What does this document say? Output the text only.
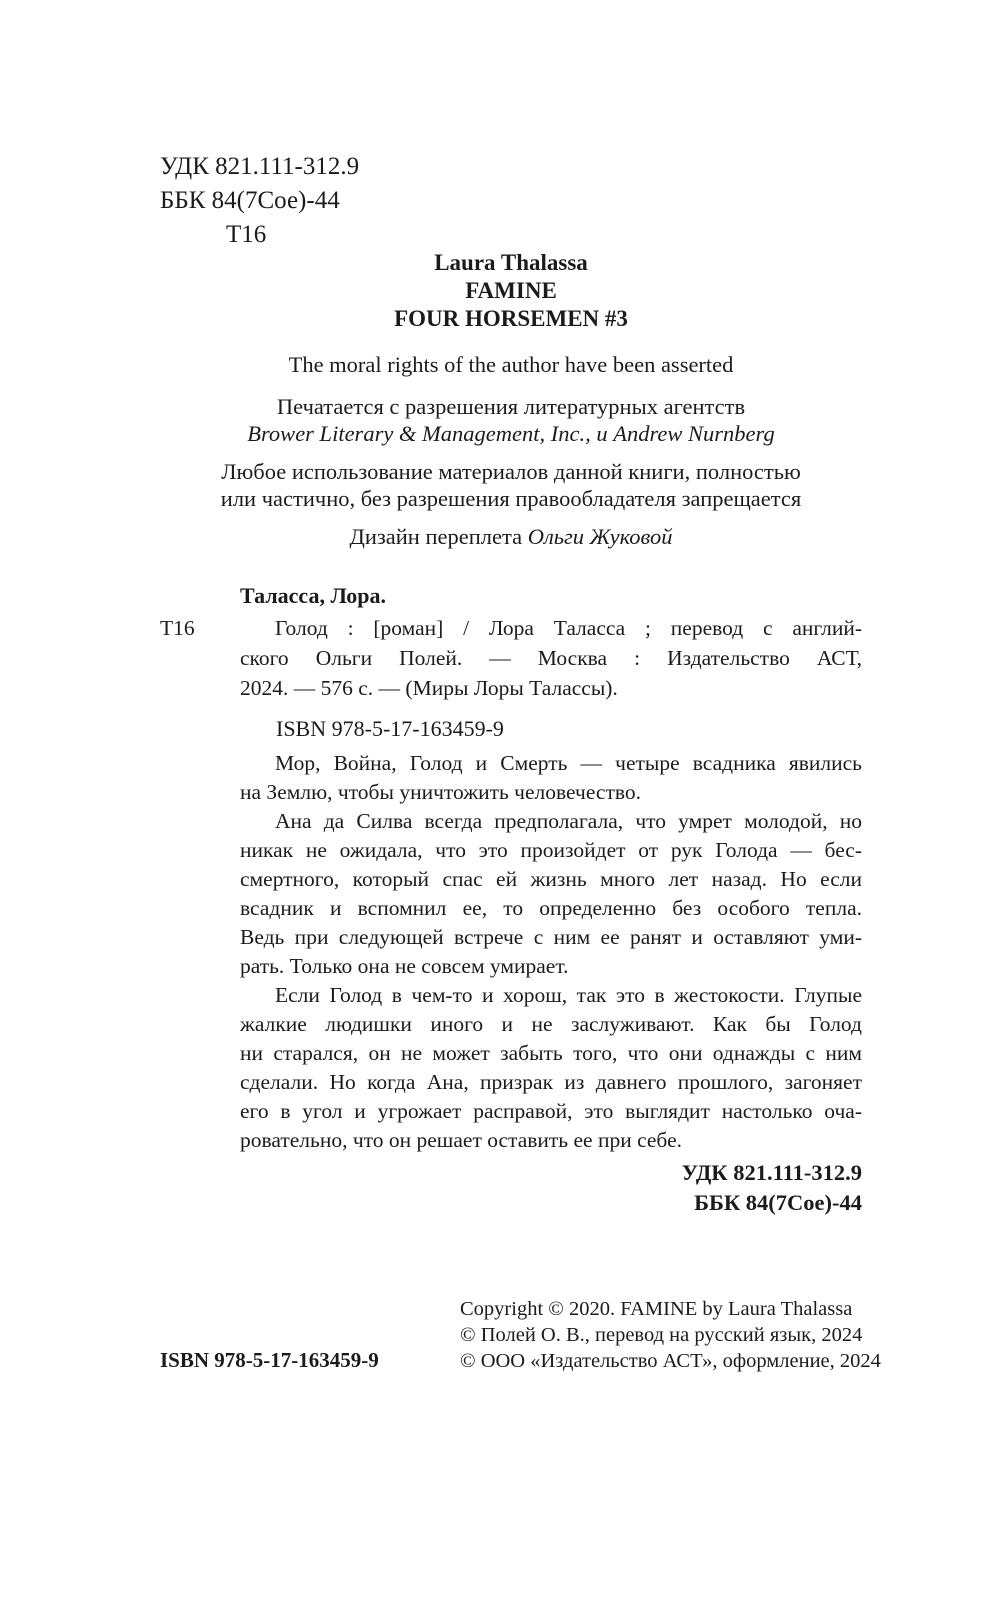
УДК 821.111-312.9
ББК 84(7Сое)-44
Т16
Laura Thalassa
FAMINE
FOUR HORSEMEN #3
The moral rights of the author have been asserted
Печатается с разрешения литературных агентств
Brower Literary & Management, Inc., и Andrew Nurnberg
Любое использование материалов данной книги, полностью
или частично, без разрешения правообладателя запрещается
Дизайн переплета Ольги Жуковой
Таласса, Лора.
Т16	Голод : [роман] / Лора Таласса ; перевод с англий-
ского Ольги Полей. — Москва : Издательство АСТ,
2024. — 576 с. — (Миры Лоры Талассы).
ISBN 978-5-17-163459-9
Мор, Война, Голод и Смерть — четыре всадника явились
на Землю, чтобы уничтожить человечество.
Ана да Силва всегда предполагала, что умрет молодой, но
никак не ожидала, что это произойдет от рук Голода — бес-
смертного, который спас ей жизнь много лет назад. Но если
всадник и вспомнил ее, то определенно без особого тепла.
Ведь при следующей встрече с ним ее ранят и оставляют уми-
рать. Только она не совсем умирает.
Если Голод в чем-то и хорош, так это в жестокости. Глупые
жалкие людишки иного и не заслуживают. Как бы Голод
ни старался, он не может забыть того, что они однажды с ним
сделали. Но когда Ана, призрак из давнего прошлого, загоняет
его в угол и угрожает расправой, это выглядит настолько оча-
ровательно, что он решает оставить ее при себе.
УДК 821.111-312.9
ББК 84(7Сое)-44
Copyright © 2020. FAMINE by Laura Thalassa
© Полей О. В., перевод на русский язык, 2024
© ООО «Издательство АСТ», оформление, 2024
ISBN 978-5-17-163459-9
